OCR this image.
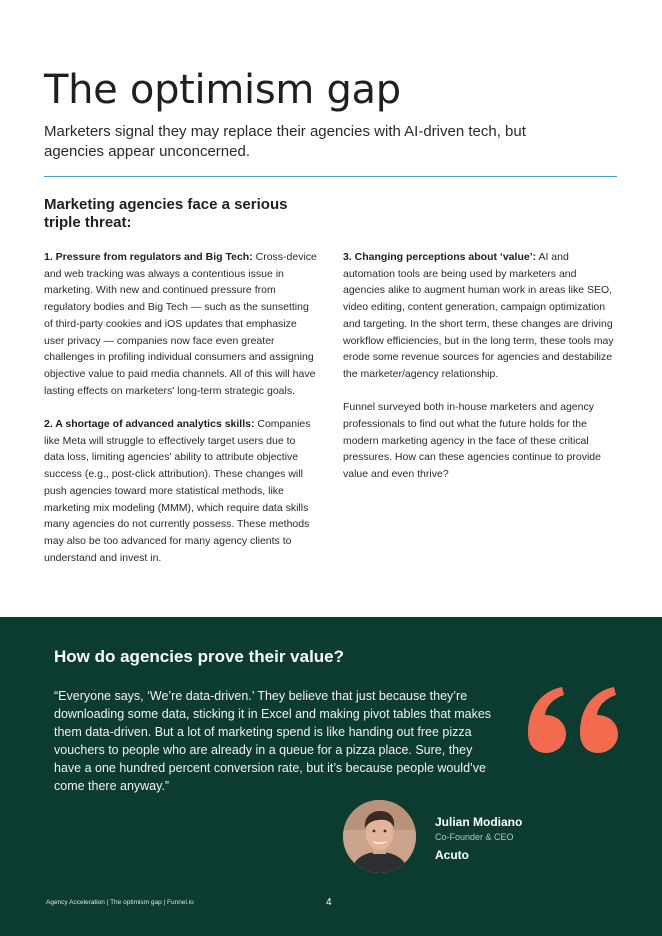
The optimism gap

Marketers signal they may replace their agencies with AI-driven tech, but agencies appear unconcerned.

Marketing agencies face a serious triple threat:

1. Pressure from regulators and Big Tech: Cross-device and web tracking was always a contentious issue in marketing. With new and continued pressure from regulatory bodies and Big Tech — such as the sunsetting of third-party cookies and iOS updates that emphasize user privacy — companies now face even greater challenges in profiling individual consumers and assigning objective value to paid media channels. All of this will have lasting effects on marketers' long-term strategic goals.

2. A shortage of advanced analytics skills: Companies like Meta will struggle to effectively target users due to data loss, limiting agencies' ability to attribute objective success (e.g., post-click attribution). These changes will push agencies toward more statistical methods, like marketing mix modeling (MMM), which require data skills many agencies do not currently possess. These methods may also be too advanced for many agency clients to understand and invest in.

3. Changing perceptions about ‘value’: AI and automation tools are being used by marketers and agencies alike to augment human work in areas like SEO, video editing, content generation, campaign optimization and targeting. In the short term, these changes are driving workflow efficiencies, but in the long term, these tools may erode some revenue sources for agencies and destabilize the marketer/agency relationship.

Funnel surveyed both in-house marketers and agency professionals to find out what the future holds for the modern marketing agency in the face of these critical pressures. How can these agencies continue to provide value and even thrive?

How do agencies prove their value?

“Everyone says, ‘We’re data-driven.’ They believe that just because they’re downloading some data, sticking it in Excel and making pivot tables that makes them data-driven. But a lot of marketing spend is like handing out free pizza vouchers to people who are already in a queue for a pizza place. Sure, they have a one hundred percent conversion rate, but it’s because people would’ve come there anyway.”

Julian Modiano
Co-Founder & CEO
Acuto
Agency Acceleration | The optimism gap | Funnel.io	4
